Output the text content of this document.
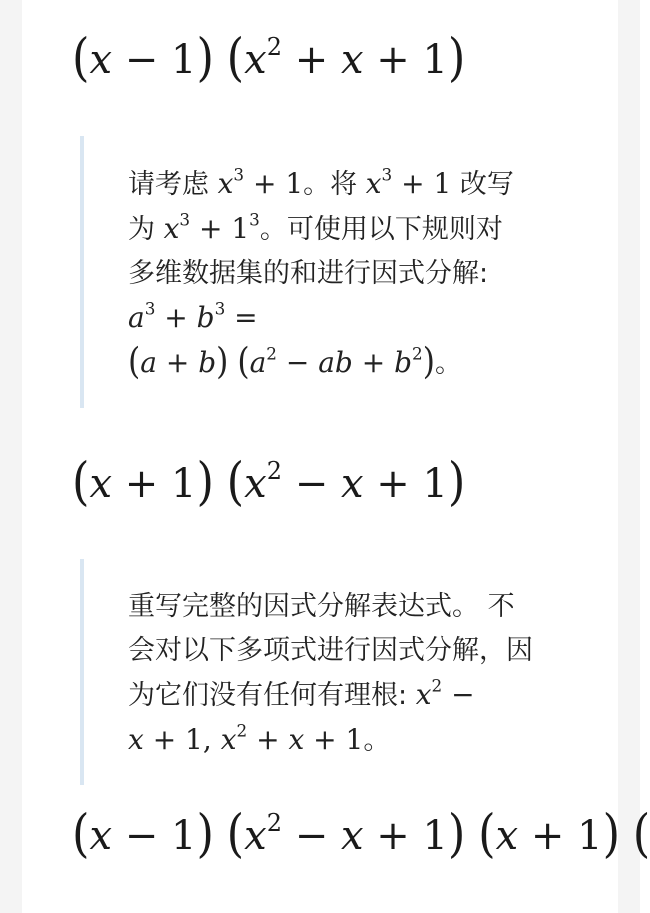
(x − 1) $(x^2 + x + 1)$
请考虑 $x^3 + 1$。将 $x^3 + 1$ 改写
为 $x^3 + 1^3$。可使用以下规则对
多维数据集的和进行因式分解:
$a^3 + b^3$ =
(a + b) ($a^2$ − ab + $b^2$)。
(x + 1) $(x^2 - x + 1)$
重写完整的因式分解表达式。 不
会对以下多项式进行因式分解，因
为它们没有任何有理根: $x^2$ −
x + 1, $x^2 + x + 1$。
(x − 1) $(x^2 - x + 1) (x + 1)$ (
